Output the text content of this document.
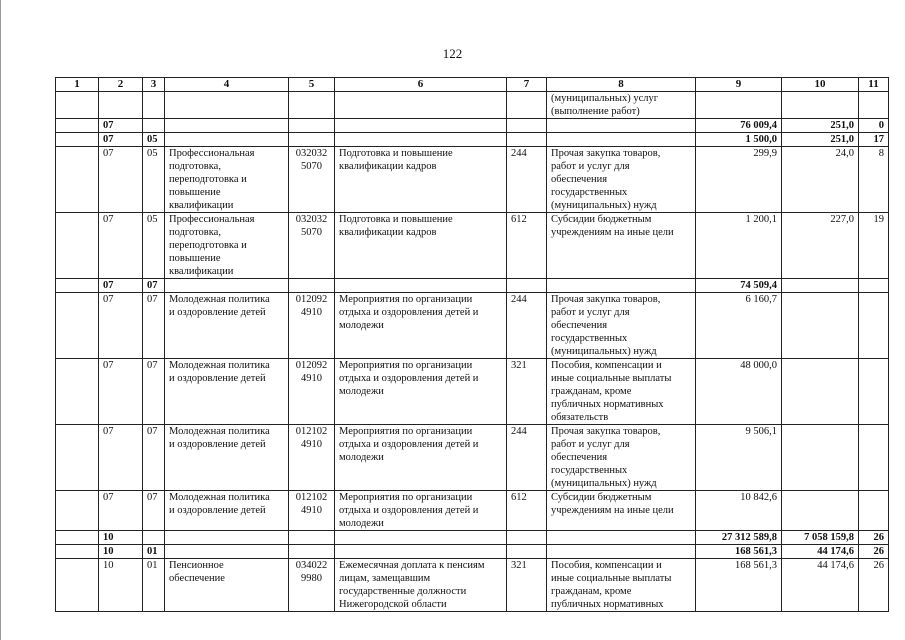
122
1	2	3	4	5	6	7	8	9	10	11
							(муниципальных) услуг
(выполнение работ)			
	07							76 009,4	251,0	0
	07	05						1 500,0	251,0	17
	07	05	Профессиональная
подготовка,
переподготовка и
повышение
квалификации	032032
5070	Подготовка и повышение
квалификации кадров	244	Прочая закупка товаров,
работ и услуг для
обеспечения
государственных
(муниципальных) нужд	299,9	24,0	8
	07	05	Профессиональная
подготовка,
переподготовка и
повышение
квалификации	032032
5070	Подготовка и повышение
квалификации кадров	612	Субсидии бюджетным
учреждениям на иные цели	1 200,1	227,0	19
	07	07						74 509,4		
	07	07	Молодежная политика
и оздоровление детей	012092
4910	Мероприятия по организации
отдыха и оздоровления детей и
молодежи	244	Прочая закупка товаров,
работ и услуг для
обеспечения
государственных
(муниципальных) нужд	6 160,7		
	07	07	Молодежная политика
и оздоровление детей	012092
4910	Мероприятия по организации
отдыха и оздоровления детей и
молодежи	321	Пособия, компенсации и
иные социальные выплаты
гражданам, кроме
публичных нормативных
обязательств	48 000,0		
	07	07	Молодежная политика
и оздоровление детей	012102
4910	Мероприятия по организации
отдыха и оздоровления детей и
молодежи	244	Прочая закупка товаров,
работ и услуг для
обеспечения
государственных
(муниципальных) нужд	9 506,1		
	07	07	Молодежная политика
и оздоровление детей	012102
4910	Мероприятия по организации
отдыха и оздоровления детей и
молодежи	612	Субсидии бюджетным
учреждениям на иные цели	10 842,6		
	10							27 312 589,8	7 058 159,8	26
	10	01						168 561,3	44 174,6	26
	10	01	Пенсионное
обеспечение	034022
9980	Ежемесячная доплата к пенсиям
лицам, замещавшим
государственные должности
Нижегородской области	321	Пособия, компенсации и
иные социальные выплаты
гражданам, кроме
публичных нормативных	168 561,3	44 174,6	26
